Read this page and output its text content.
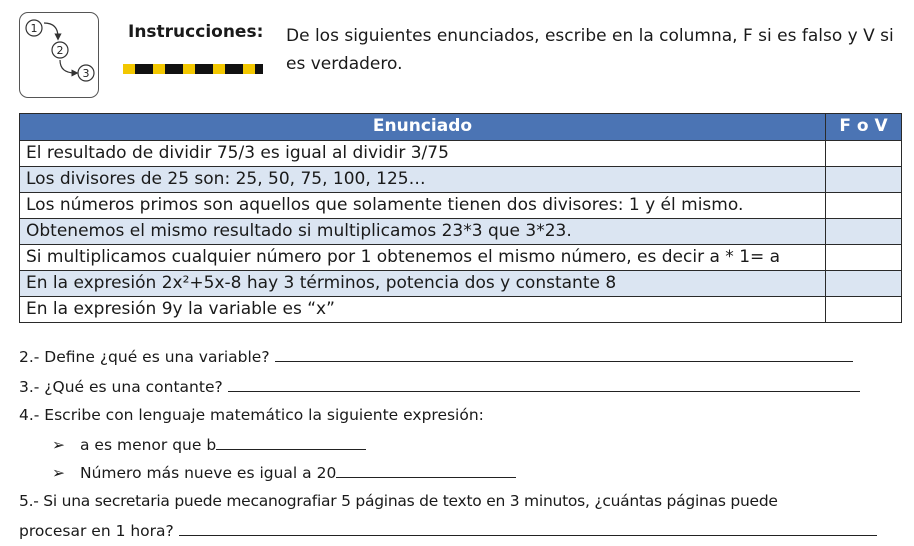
1
2
3
Instrucciones: De los siguientes enunciados, escribe en la columna, F si es falso y V si es verdadero.
Enunciado	F o V
El resultado de dividir 75/3 es igual al dividir 3/75	
Los divisores de 25 son: 25, 50, 75, 100, 125…	
Los números primos son aquellos que solamente tienen dos divisores: 1 y él mismo.	
Obtenemos el mismo resultado si multiplicamos 23*3 que 3*23.	
Si multiplicamos cualquier número por 1 obtenemos el mismo número, es decir a * 1= a	
En la expresión 2x²+5x-8 hay 3 términos, potencia dos y constante 8	
En la expresión 9y la variable es “x”	
2.- Define ¿qué es una variable?
3.- ¿Qué es una contante?
4.- Escribe con lenguaje matemático la siguiente expresión:
➢ a es menor que b
➢ Número más nueve es igual a 20
5.- Si una secretaria puede mecanografiar 5 páginas de texto en 3 minutos, ¿cuántas páginas puede
procesar en 1 hora?
